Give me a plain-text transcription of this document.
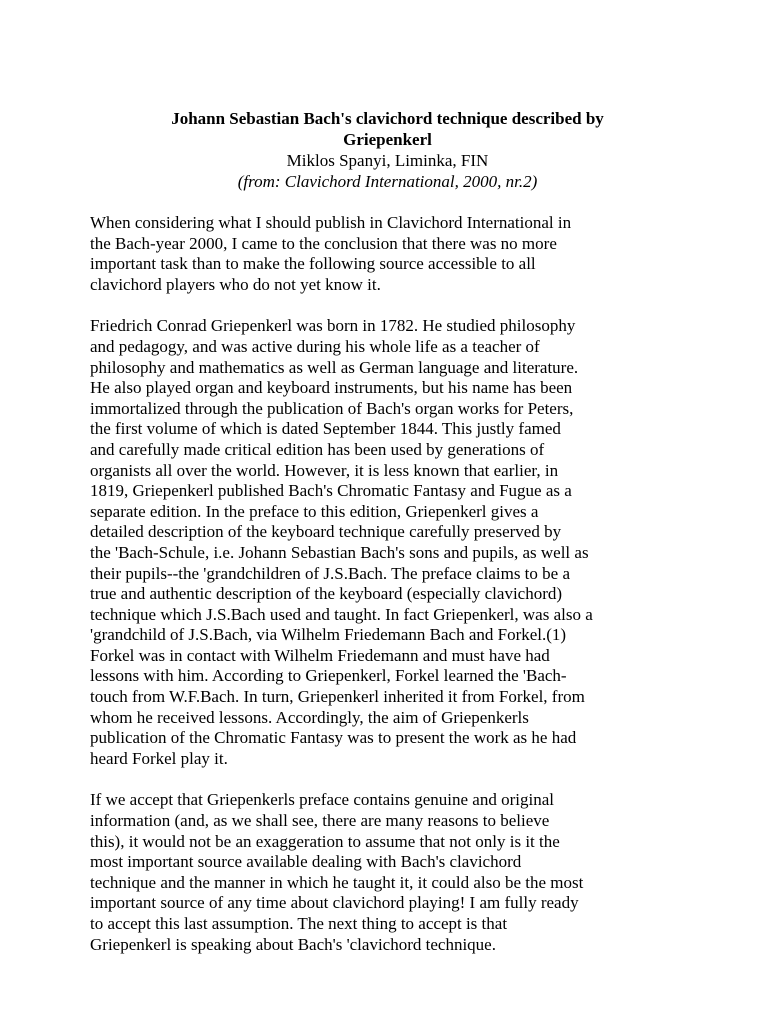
Johann Sebastian Bach's clavichord technique described by
Griepenkerl

Miklos Spanyi, Liminka, FIN

(from: Clavichord International, 2000, nr.2)

When considering what I should publish in Clavichord International in
the Bach-year 2000, I came to the conclusion that there was no more
important task than to make the following source accessible to all
clavichord players who do not yet know it.

Friedrich Conrad Griepenkerl was born in 1782. He studied philosophy
and pedagogy, and was active during his whole life as a teacher of
philosophy and mathematics as well as German language and literature.
He also played organ and keyboard instruments, but his name has been
immortalized through the publication of Bach's organ works for Peters,
the first volume of which is dated September 1844. This justly famed
and carefully made critical edition has been used by generations of
organists all over the world. However, it is less known that earlier, in
1819, Griepenkerl published Bach's Chromatic Fantasy and Fugue as a
separate edition. In the preface to this edition, Griepenkerl gives a
detailed description of the keyboard technique carefully preserved by
the 'Bach-Schule, i.e. Johann Sebastian Bach's sons and pupils, as well as
their pupils--the 'grandchildren of J.S.Bach. The preface claims to be a
true and authentic description of the keyboard (especially clavichord)
technique which J.S.Bach used and taught. In fact Griepenkerl, was also a
'grandchild of J.S.Bach, via Wilhelm Friedemann Bach and Forkel.(1)
Forkel was in contact with Wilhelm Friedemann and must have had
lessons with him. According to Griepenkerl, Forkel learned the 'Bach-
touch from W.F.Bach. In turn, Griepenkerl inherited it from Forkel, from
whom he received lessons. Accordingly, the aim of Griepenkerls
publication of the Chromatic Fantasy was to present the work as he had
heard Forkel play it.

If we accept that Griepenkerls preface contains genuine and original
information (and, as we shall see, there are many reasons to believe
this), it would not be an exaggeration to assume that not only is it the
most important source available dealing with Bach's clavichord
technique and the manner in which he taught it, it could also be the most
important source of any time about clavichord playing! I am fully ready
to accept this last assumption. The next thing to accept is that
Griepenkerl is speaking about Bach's 'clavichord technique.
